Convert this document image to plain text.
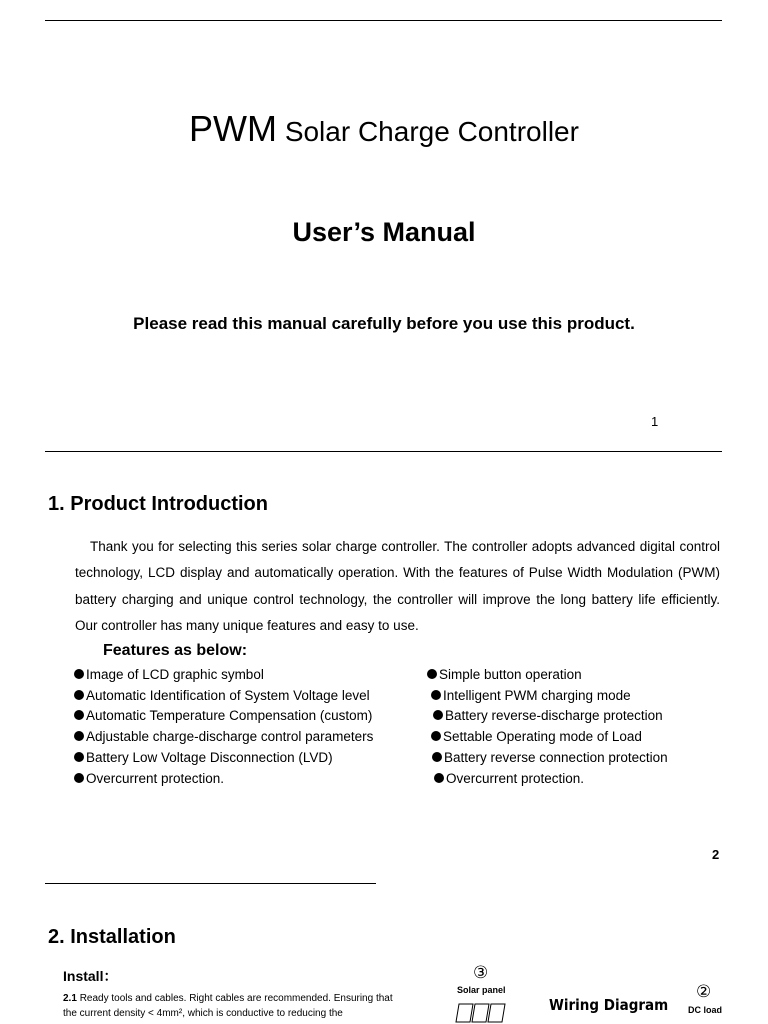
PWM Solar Charge Controller
User’s Manual
Please read this manual carefully before you use this product.
1
1. Product Introduction
Thank you for selecting this series solar charge controller. The controller adopts advanced digital control technology, LCD display and automatically operation. With the features of Pulse Width Modulation (PWM) battery charging and unique control technology, the controller will improve the long battery life efficiently. Our controller has many unique features and easy to use.
Features as below:
Image of LCD graphic symbol
Automatic Identification of System Voltage level
Automatic Temperature Compensation (custom)
Adjustable charge-discharge control parameters
Battery Low Voltage Disconnection (LVD)
Overcurrent protection.
Simple button operation
Intelligent PWM charging mode
Battery reverse-discharge protection
Settable Operating mode of Load
Battery reverse connection protection
Overcurrent protection.
2
2. Installation
Install：
2.1 Ready tools and cables. Right cables are recommended. Ensuring that the current density < 4mm², which is conductive to reducing the
③
Solar panel
Wiring Diagram
②
DC load
